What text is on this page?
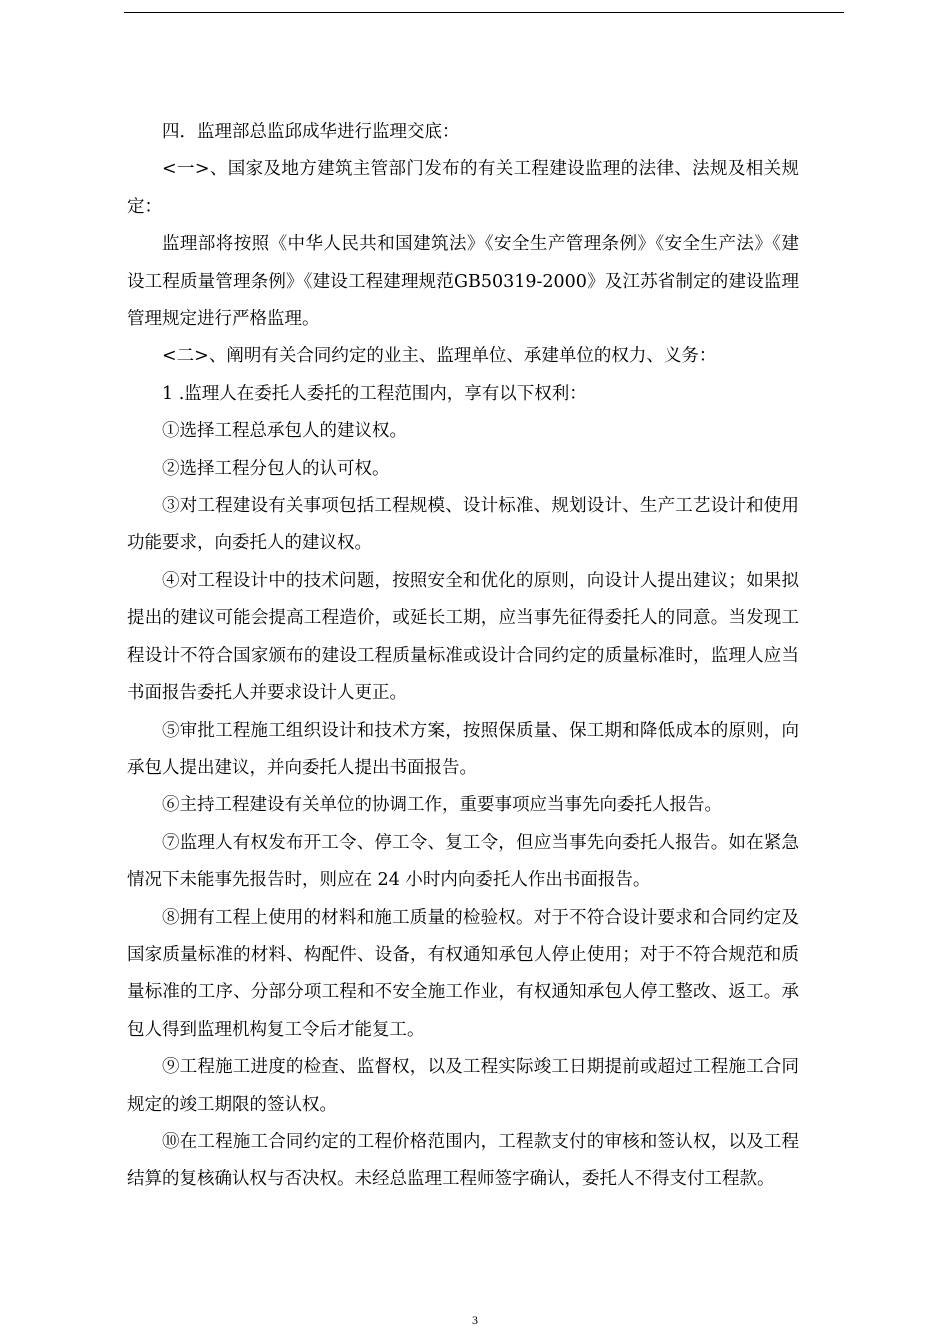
四．监理部总监邱成华进行监理交底：

<一>、国家及地方建筑主管部门发布的有关工程建设监理的法律、法规及相关规定：

监理部将按照《中华人民共和国建筑法》《安全生产管理条例》《安全生产法》《建设工程质量管理条例》《建设工程建理规范GB50319-2000》及江苏省制定的建设监理管理规定进行严格监理。

<二>、阐明有关合同约定的业主、监理单位、承建单位的权力、义务：

1 .监理人在委托人委托的工程范围内，享有以下权利：

①选择工程总承包人的建议权。

②选择工程分包人的认可权。

③对工程建设有关事项包括工程规模、设计标准、规划设计、生产工艺设计和使用功能要求，向委托人的建议权。

④对工程设计中的技术问题，按照安全和优化的原则，向设计人提出建议；如果拟提出的建议可能会提高工程造价，或延长工期，应当事先征得委托人的同意。当发现工程设计不符合国家颁布的建设工程质量标准或设计合同约定的质量标准时，监理人应当书面报告委托人并要求设计人更正。

⑤审批工程施工组织设计和技术方案，按照保质量、保工期和降低成本的原则，向承包人提出建议，并向委托人提出书面报告。

⑥主持工程建设有关单位的协调工作，重要事项应当事先向委托人报告。

⑦监理人有权发布开工令、停工令、复工令，但应当事先向委托人报告。如在紧急情况下未能事先报告时，则应在 24 小时内向委托人作出书面报告。

⑧拥有工程上使用的材料和施工质量的检验权。对于不符合设计要求和合同约定及国家质量标准的材料、构配件、设备，有权通知承包人停止使用；对于不符合规范和质量标准的工序、分部分项工程和不安全施工作业，有权通知承包人停工整改、返工。承包人得到监理机构复工令后才能复工。

⑨工程施工进度的检查、监督权，以及工程实际竣工日期提前或超过工程施工合同规定的竣工期限的签认权。

⑩在工程施工合同约定的工程价格范围内，工程款支付的审核和签认权，以及工程结算的复核确认权与否决权。未经总监理工程师签字确认，委托人不得支付工程款。

3
